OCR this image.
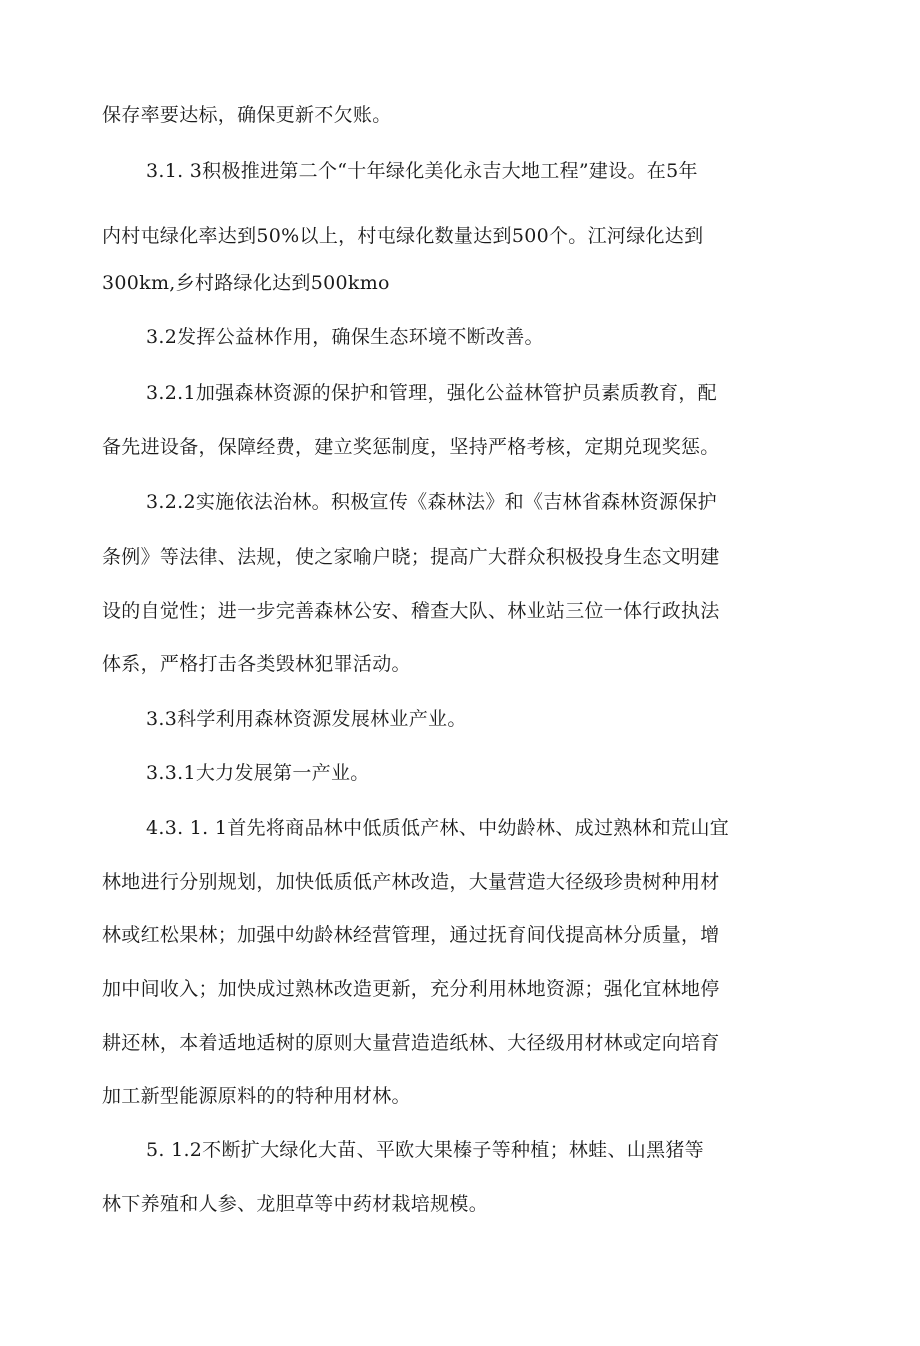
保存率要达标，确保更新不欠账。
3.1. 3积极推进第二个“十年绿化美化永吉大地工程”建设。在5年
内村屯绿化率达到50%以上，村屯绿化数量达到500个。江河绿化达到
300km,乡村路绿化达到500kmo
3.2发挥公益林作用，确保生态环境不断改善。
3.2.1加强森林资源的保护和管理，强化公益林管护员素质教育，配
备先进设备，保障经费，建立奖惩制度，坚持严格考核，定期兑现奖惩。
3.2.2实施依法治林。积极宣传《森林法》和《吉林省森林资源保护
条例》等法律、法规，使之家喻户晓；提高广大群众积极投身生态文明建
设的自觉性；进一步完善森林公安、稽查大队、林业站三位一体行政执法
体系，严格打击各类毁林犯罪活动。
3.3科学利用森林资源发展林业产业。
3.3.1大力发展第一产业。
4.3. 1. 1首先将商品林中低质低产林、中幼龄林、成过熟林和荒山宜
林地进行分别规划，加快低质低产林改造，大量营造大径级珍贵树种用材
林或红松果林；加强中幼龄林经营管理，通过抚育间伐提高林分质量，增
加中间收入；加快成过熟林改造更新，充分利用林地资源；强化宜林地停
耕还林，本着适地适树的原则大量营造造纸林、大径级用材林或定向培育
加工新型能源原料的的特种用材林。
5. 1.2不断扩大绿化大苗、平欧大果榛子等种植；林蛙、山黑猪等
林下养殖和人参、龙胆草等中药材栽培规模。
